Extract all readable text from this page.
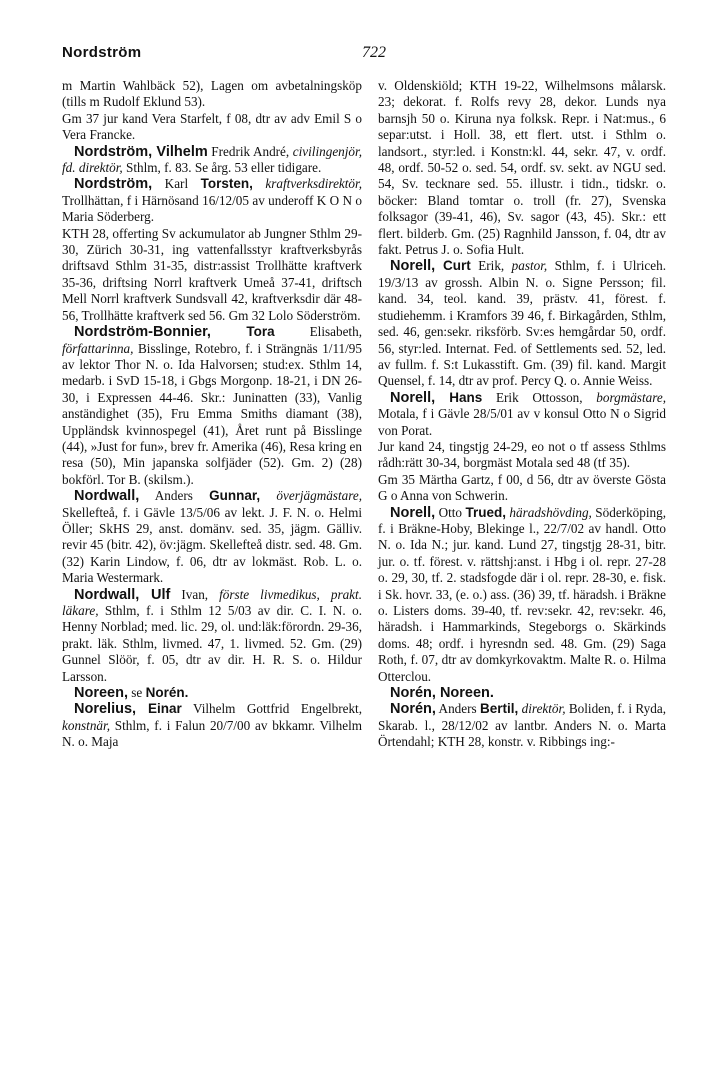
Nordström	722

m Martin Wahlbäck 52), Lagen om avbetalningsköp (tills m Rudolf Eklund 53).

Gm 37 jur kand Vera Starfelt, f 08, dtr av adv Emil S o Vera Francke.

Nordström, Vilhelm Fredrik André, civilingenjör, fd. direktör, Sthlm, f. 83. Se årg. 53 eller tidigare.

Nordström, Karl Torsten, kraftverksdirektör, Trollhättan, f i Härnösand 16/12/05 av underoff K O N o Maria Söderberg.

KTH 28, offerting Sv ackumulator ab Jungner Sthlm 29-30, Zürich 30-31, ing vattenfallsstyr kraftverksbyrås driftsavd Sthlm 31-35, distr:assist Trollhätte kraftverk 35-36, driftsing Norrl kraftverk Umeå 37-41, driftsch Mell Norrl kraftverk Sundsvall 42, kraftverksdir där 48-56, Trollhätte kraftverk sed 56. Gm 32 Lolo Söderström.

Nordström-Bonnier, Tora Elisabeth, författarinna, Bisslinge, Rotebro, f. i Strängnäs 1/11/95 av lektor Thor N. o. Ida Halvorsen; stud:ex. Sthlm 14, medarb. i SvD 15-18, i Gbgs Morgonp. 18-21, i DN 26-30, i Expressen 44-46. Skr.: Juninatten (33), Vanlig anständighet (35), Fru Emma Smiths diamant (38), Uppländsk kvinnospegel (41), Året runt på Bisslinge (44), »Just for fun», brev fr. Amerika (46), Resa kring en resa (50), Min japanska solfjäder (52). Gm. 2) (28) bokförl. Tor B. (skilsm.).

Nordwall, Anders Gunnar, överjägmästare, Skellefteå, f. i Gävle 13/5/06 av lekt. J. F. N. o. Helmi Öller; SkHS 29, anst. domänv. sed. 35, jägm. Gälliv. revir 45 (bitr. 42), öv:jägm. Skellefteå distr. sed. 48. Gm. (32) Karin Lindow, f. 06, dtr av lokmäst. Rob. L. o. Maria Westermark.

Nordwall, Ulf Ivan, förste livmedikus, prakt. läkare, Sthlm, f. i Sthlm 12 5/03 av dir. C. I. N. o. Henny Norblad; med. lic. 29, ol. und:läk:förordn. 29-36, prakt. läk. Sthlm, livmed. 47, 1. livmed. 52. Gm. (29) Gunnel Slöör, f. 05, dtr av dir. H. R. S. o. Hildur Larsson.

Noreen, se Norén.

Norelius, Einar Vilhelm Gottfrid Engelbrekt, konstnär, Sthlm, f. i Falun 20/7/00 av bkkamr. Vilhelm N. o. Maja

v. Oldenskiöld; KTH 19-22, Wilhelmsons målarsk. 23; dekorat. f. Rolfs revy 28, dekor. Lunds nya barnsjh 50 o. Kiruna nya folksk. Repr. i Nat:mus., 6 separ:utst. i Holl. 38, ett flert. utst. i Sthlm o. landsort., styr:led. i Konstn:kl. 44, sekr. 47, v. ordf. 48, ordf. 50-52 o. sed. 54, ordf. sv. sekt. av NGU sed. 54, Sv. tecknare sed. 55. illustr. i tidn., tidskr. o. böcker: Bland tomtar o. troll (fr. 27), Svenska folksagor (39-41, 46), Sv. sagor (43, 45). Skr.: ett flert. bilderb. Gm. (25) Ragnhild Jansson, f. 04, dtr av fakt. Petrus J. o. Sofia Hult.

Norell, Curt Erik, pastor, Sthlm, f. i Ulriceh. 19/3/13 av grossh. Albin N. o. Signe Persson; fil. kand. 34, teol. kand. 39, prästv. 41, förest. f. studiehemm. i Kramfors 39 46, f. Birkagården, Sthlm, sed. 46, gen:sekr. riksförb. Sv:es hemgårdar 50, ordf. 56, styr:led. Internat. Fed. of Settlements sed. 52, led. av fullm. f. S:t Lukasstift. Gm. (39) fil. kand. Margit Quensel, f. 14, dtr av prof. Percy Q. o. Annie Weiss.

Norell, Hans Erik Ottosson, borgmästare, Motala, f i Gävle 28/5/01 av v konsul Otto N o Sigrid von Porat.

Jur kand 24, tingstjg 24-29, eo not o tf assess Sthlms rådh:rätt 30-34, borgmäst Motala sed 48 (tf 35).

Gm 35 Märtha Gartz, f 00, d 56, dtr av överste Gösta G o Anna von Schwerin.

Norell, Otto Trued, häradshövding, Söderköping, f. i Bräkne-Hoby, Blekinge l., 22/7/02 av handl. Otto N. o. Ida N.; jur. kand. Lund 27, tingstjg 28-31, bitr. jur. o. tf. förest. v. rättshj:anst. i Hbg i ol. repr. 27-28 o. 29, 30, tf. 2. stadsfogde där i ol. repr. 28-30, e. fisk. i Sk. hovr. 33, (e. o.) ass. (36) 39, tf. häradsh. i Bräkne o. Listers doms. 39-40, tf. rev:sekr. 42, rev:sekr. 46, häradsh. i Hammarkinds, Stegeborgs o. Skärkinds doms. 48; ordf. i hyresndn sed. 48. Gm. (29) Saga Roth, f. 07, dtr av domkyrkovaktm. Malte R. o. Hilma Otterclou.

Norén, Noreen.

Norén, Anders Bertil, direktör, Boliden, f. i Ryda, Skarab. l., 28/12/02 av lantbr. Anders N. o. Marta Örtendahl; KTH 28, konstr. v. Ribbings ing:-
